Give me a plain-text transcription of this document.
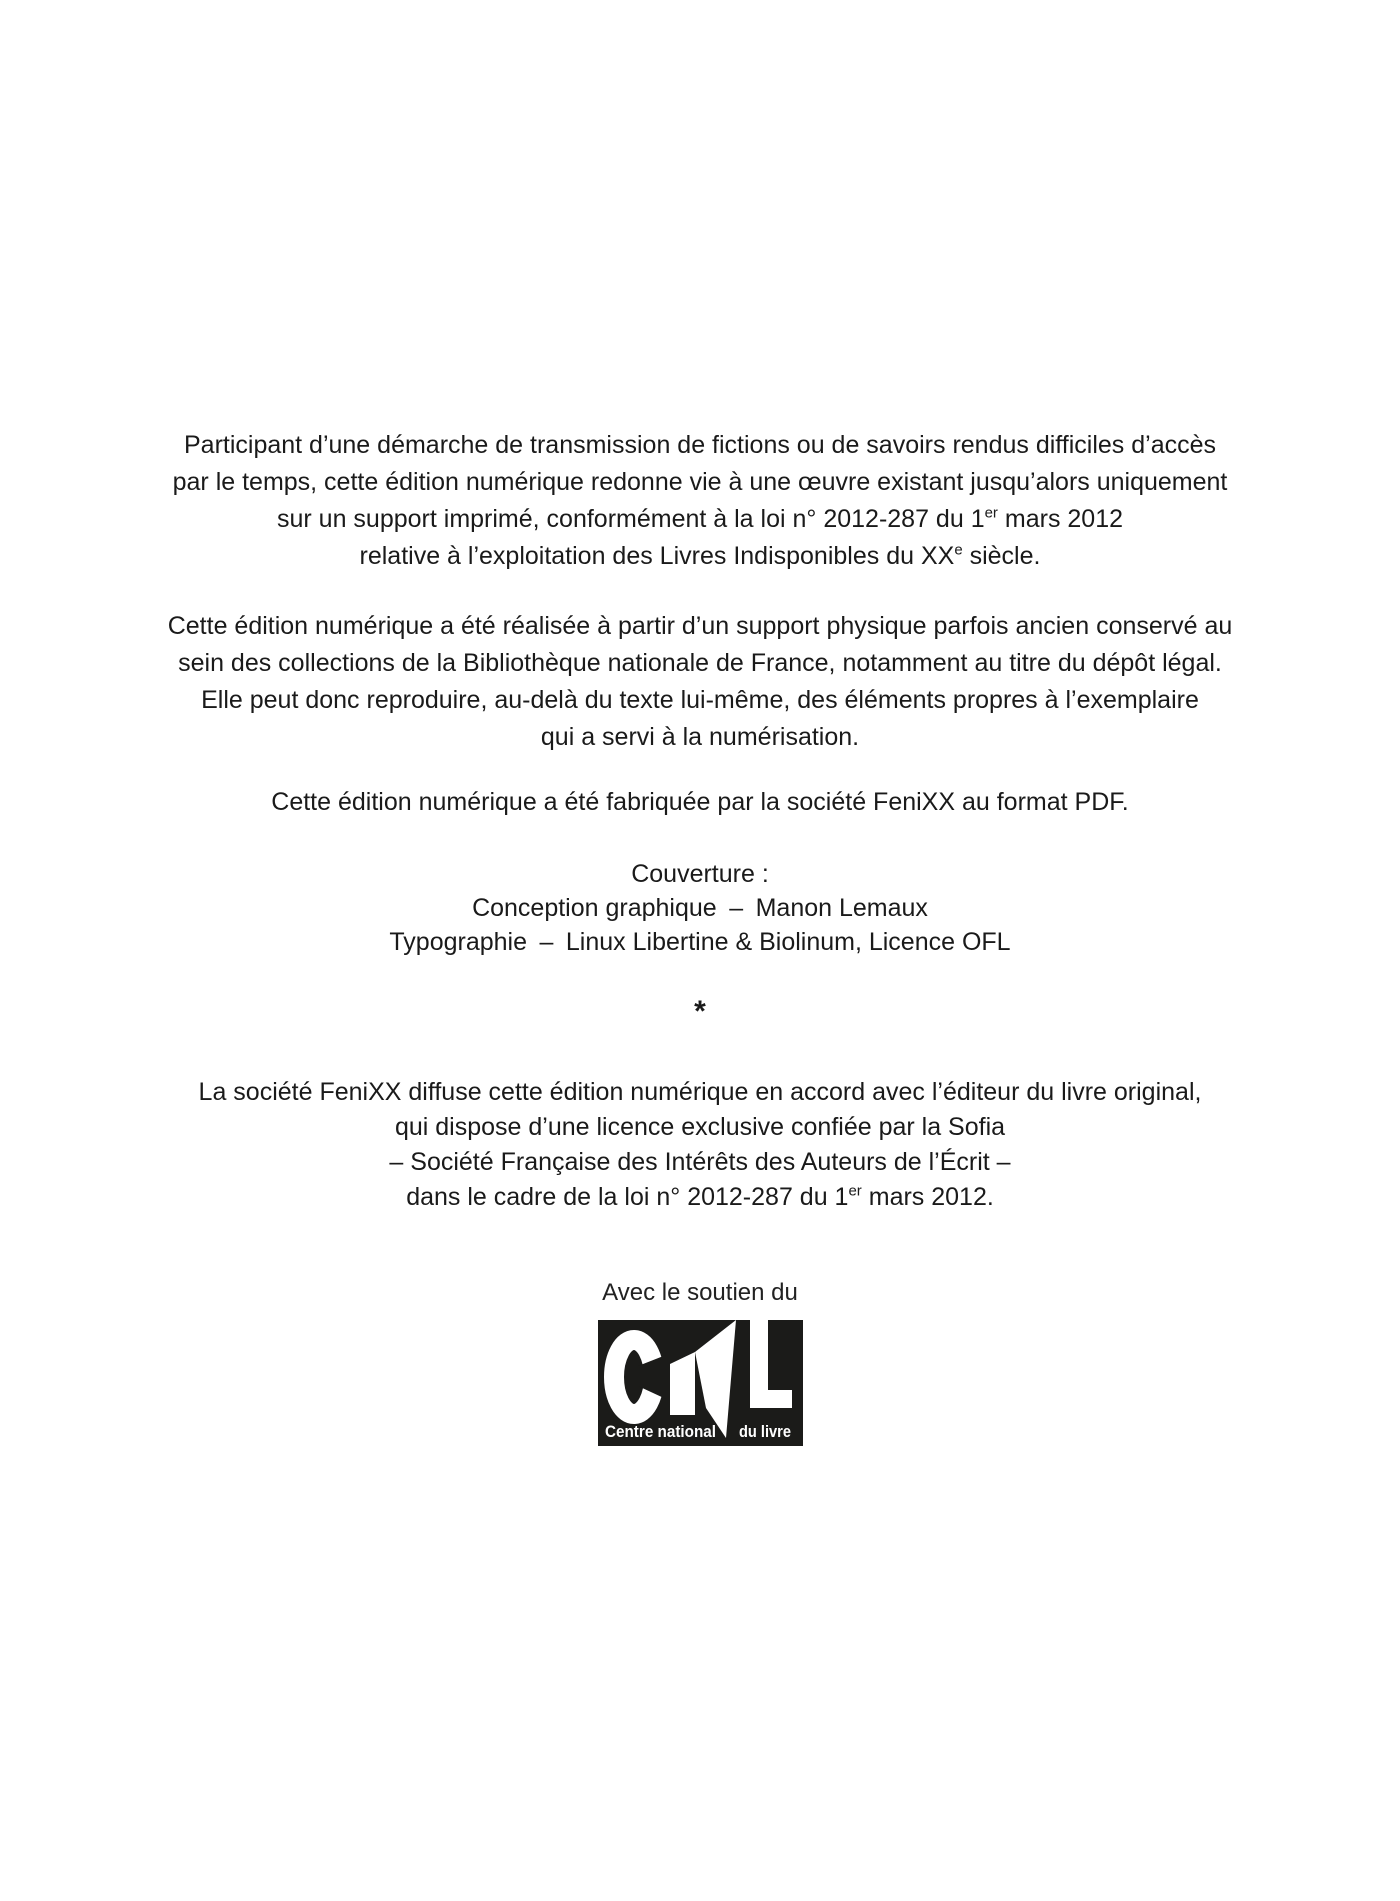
Participant d’une démarche de transmission de fictions ou de savoirs rendus difficiles d’accès
par le temps, cette édition numérique redonne vie à une œuvre existant jusqu’alors uniquement
sur un support imprimé, conformément à la loi n° 2012-287 du 1er mars 2012
relative à l’exploitation des Livres Indisponibles du XXe siècle.
Cette édition numérique a été réalisée à partir d’un support physique parfois ancien conservé au
sein des collections de la Bibliothèque nationale de France, notamment au titre du dépôt légal.
Elle peut donc reproduire, au-delà du texte lui-même, des éléments propres à l’exemplaire
qui a servi à la numérisation.
Cette édition numérique a été fabriquée par la société FeniXX au format PDF.
Couverture :
Conception graphique – Manon Lemaux
Typographie – Linux Libertine & Biolinum, Licence OFL
*
La société FeniXX diffuse cette édition numérique en accord avec l’éditeur du livre original,
qui dispose d’une licence exclusive confiée par la Sofia
– Société Française des Intérêts des Auteurs de l’Écrit –
dans le cadre de la loi n° 2012-287 du 1er mars 2012.
Avec le soutien du
Centre national du livre
